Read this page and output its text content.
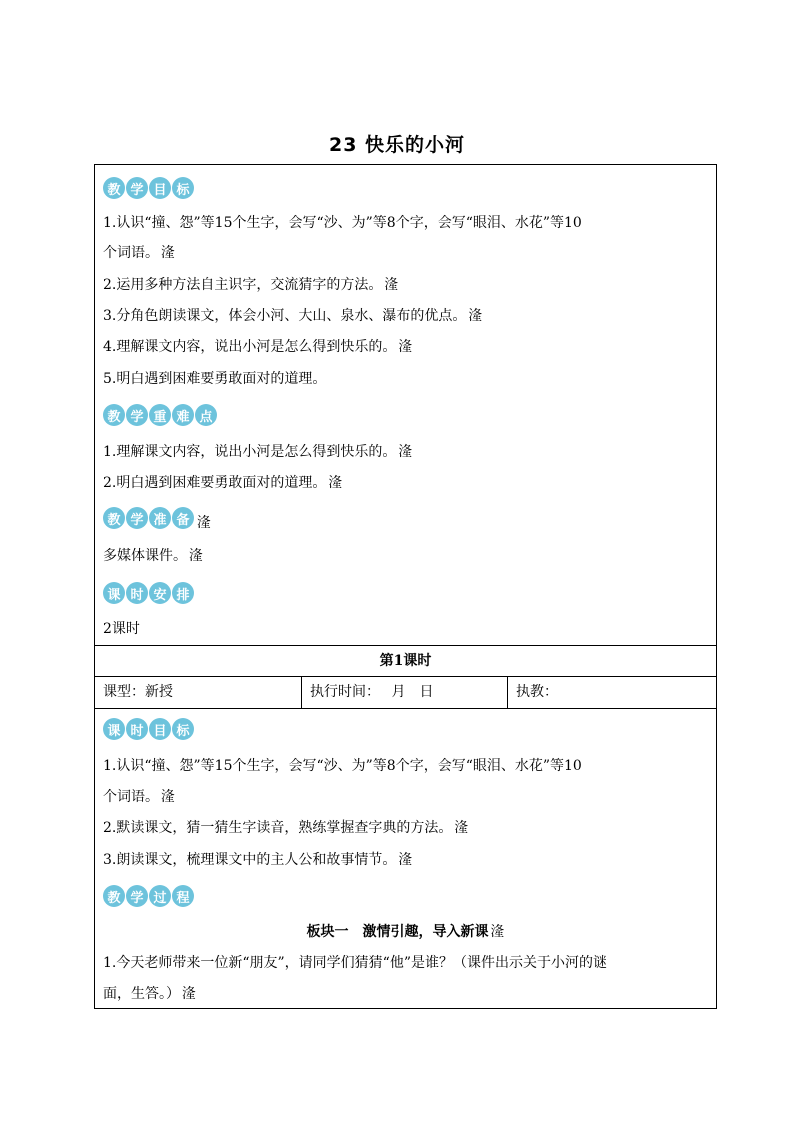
23 快乐的小河
教 学 目 标
1.认识“撞、怨”等15个生字，会写“沙、为”等8个字，会写“眼泪、水花”等10
个词语。 湰
2.运用多种方法自主识字，交流猜字的方法。 湰
3.分角色朗读课文，体会小河、大山、泉水、瀑布的优点。 湰
4.理解课文内容，说出小河是怎么得到快乐的。 湰
5.明白遇到困难要勇敢面对的道理。
教 学 重 难 点
1.理解课文内容，说出小河是怎么得到快乐的。 湰
2.明白遇到困难要勇敢面对的道理。 湰
教 学 准 备 湰
多媒体课件。 湰
课 时 安 排
2课时
第1课时
课型：新授	执行时间：　 月　日	执教：
课 时 目 标
1.认识“撞、怨”等15个生字，会写“沙、为”等8个字，会写“眼泪、水花”等10
个词语。 湰
2.默读课文，猜一猜生字读音，熟练掌握查字典的方法。 湰
3.朗读课文，梳理课文中的主人公和故事情节。 湰
教 学 过 程
板块一　激情引趣，导入新课 湰
1.今天老师带来一位新“朋友”，请同学们猜猜“他”是谁？（课件出示关于小河的谜
面，生答。） 湰
